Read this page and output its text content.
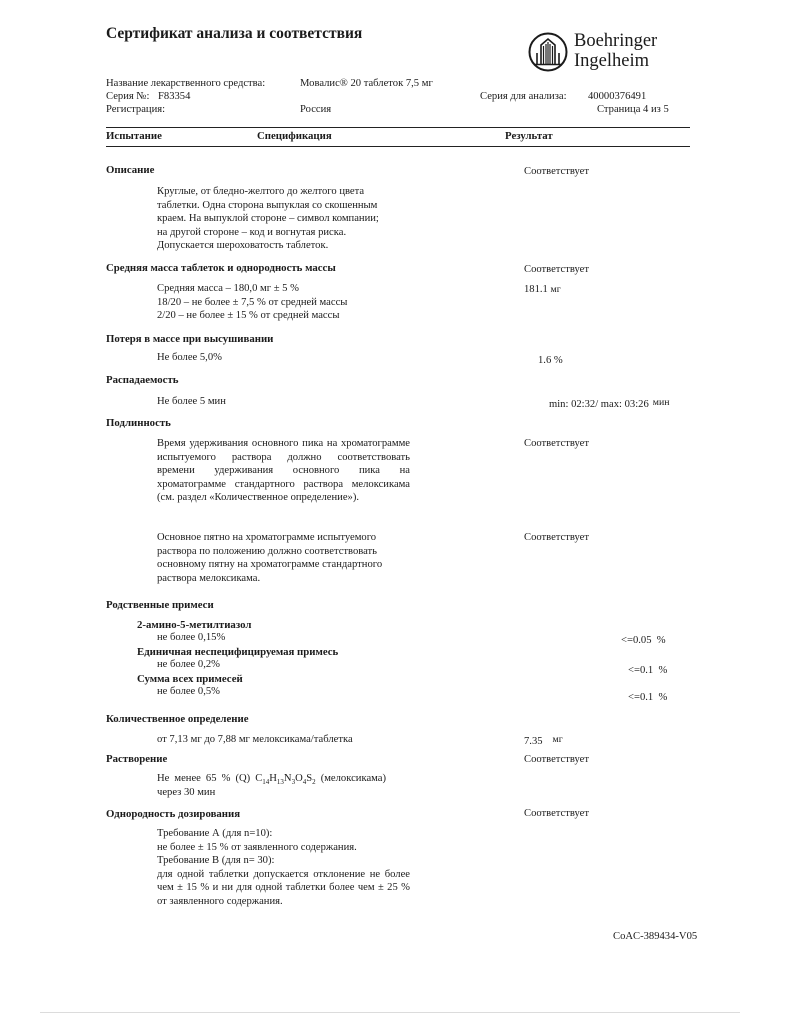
Сертификат анализа и соответствия	Boehringer
Ingelheim
Название лекарственного средства:	Мовалис® 20 таблеток 7,5 мг
Серия №: F83354	Серия для анализа: 40000376491
Регистрация:	Россия	Страница 4 из 5
Испытание	Спецификация	Результат
Описание	Соответствует

Круглые, от бледно-желтого до желтого цвета

таблетки. Одна сторона выпуклая со скошенным

краем. На выпуклой стороне – символ компании;

на другой стороне – код и вогнутая риска.

Допускается шероховатость таблеток.

Средняя масса таблеток и однородность массы	Соответствует

Средняя масса – 180,0 мг ± 5 %

18/20 – не более ± 7,5 % от средней массы

2/20 – не более ± 15 % от средней массы

181.1 мг
Потеря в массе при высушивании
Не более 5,0%	1.6 %
Распадаемость
Не более 5 мин	min: 02:32/ max: 03:26 мин
Подлинность
Время удерживания основного пика на хроматограмме испытуемого раствора должно соответствовать времени удерживания основного пика на хроматограмме стандартного раствора мелоксикама (см. раздел «Количественное определение»).
Соответствует

Основное пятно на хроматограмме испытуемого

раствора по положению должно соответствовать

основному пятну на хроматограмме стандартного

раствора мелоксикама.

Соответствует
Родственные примеси
2-амино-5-метилтиазол
не более 0,15%	<=0.05  %
Единичная неспецифицируемая примесь
не более 0,2%
<=0.1  %
Сумма всех примесей
не более 0,5%
<=0.1  %
Количественное определение
от 7,13 мг до 7,88 мг мелоксикама/таблетка	7.35 мг
Растворение	Соответствует
Не менее 65 % (Q) $C_{14}H_{13}N_3O_4S_2$ (мелоксикама)
через 30 мин
Однородность дозирования	Соответствует

Требование А (для n=10):

не более ± 15 % от заявленного содержания.

Требование В (для n= 30):

для одной таблетки допускается отклонение не более чем ± 15 % и ни для одной таблетки более чем ± 25 % от заявленного содержания.

CoAC-389434-V05
